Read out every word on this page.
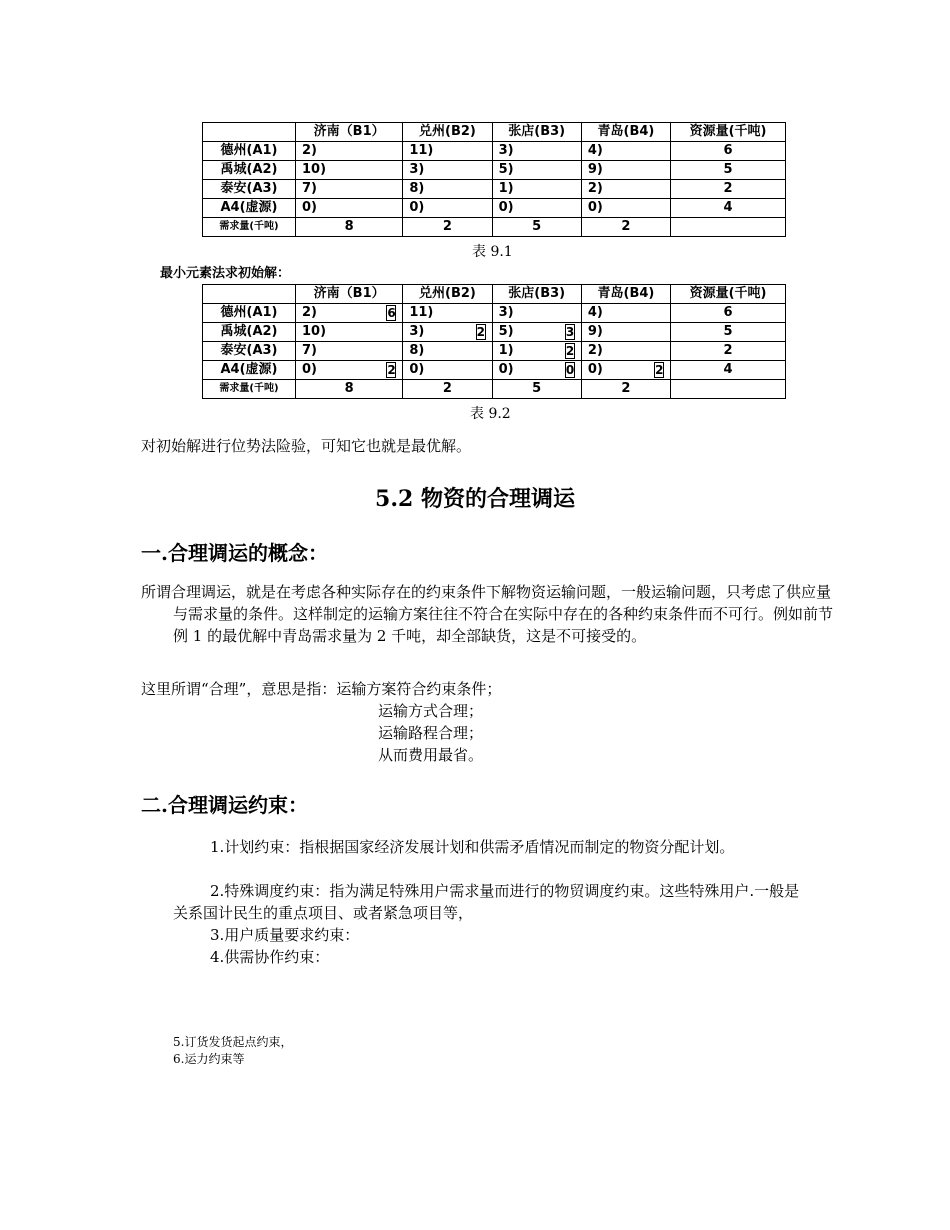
	济南（B1）	兑州(B2)	张店(B3)	青岛(B4)	资源量(千吨)
德州(A1)	2)	11)	3)	4)	6
禹城(A2)	10)	3)	5)	9)	5
泰安(A3)	7)	8)	1)	2)	2
A4(虚源)	0)	0)	0)	0)	4
需求量(千吨)	8	2	5	2	
表 9.1
最小元素法求初始解：
	济南（B1）	兑州(B2)	张店(B3)	青岛(B4)	资源量(千吨)
德州(A1)	2) 6	11)	3)	4)	6
禹城(A2)	10)	3) 2	5) 3	9)	5
泰安(A3)	7)	8)	1) 2	2)	2
A4(虚源)	0) 2	0)	0) 0	0) 2	4
需求量(千吨)	8	2	5	2	
表 9.2
对初始解进行位势法险验，可知它也就是最优解。
5.2 物资的合理调运
一.合理调运的概念：
所谓合理调运，就是在考虑各种实际存在的约束条件下解物资运输问题，一般运输问题，只考虑了供应量与需求量的条件。这样制定的运输方案往往不符合在实际中存在的各种约束条件而不可行。例如前节例 1 的最优解中青岛需求量为 2 千吨，却全部缺货，这是不可接受的。
这里所谓“合理”，意思是指：运输方案符合约束条件；
运输方式合理；
运输路程合理；
从而费用最省。
二.合理调运约束：
1.计划约束：指根据国家经济发展计划和供需矛盾情况而制定的物资分配计划。
2.特殊调度约束：指为满足特殊用户需求量而进行的物贸调度约束。这些特殊用户.一般是关系国计民生的重点项目、或者紧急项目等，
3.用户质量要求约束：
4.供需协作约束：
5.订货发货起点约束，
6.运力约束等
